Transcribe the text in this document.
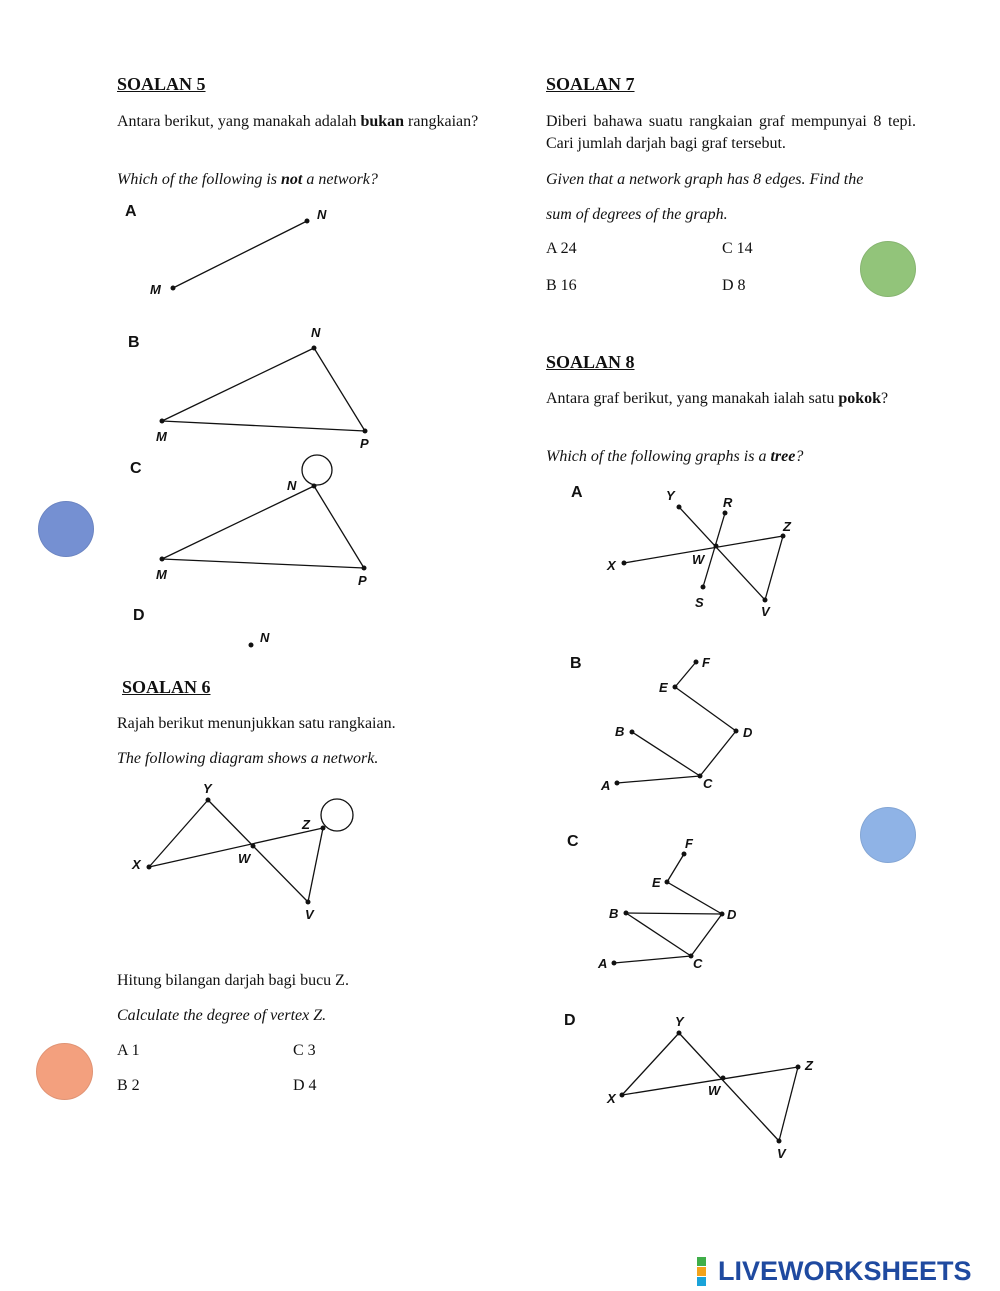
SOALAN 5
Antara berikut, yang manakah adalah bukan rangkaian?
Which of the following is not a network?
A
M
N
B
M
N
P
C
M
N
P
D
N
SOALAN 6
Rajah berikut menunjukkan satu rangkaian.
The following diagram shows a network.
X
Y
W
Z
V
Hitung bilangan darjah bagi bucu Z.
Calculate the degree of vertex Z.
A 1
B 2
C 3
D 4
SOALAN 7
Diberi bahawa suatu rangkaian graf mempunyai 8 tepi. Cari jumlah darjah bagi graf tersebut.
Given that a network graph has 8 edges. Find the
sum of degrees of the graph.
A 24
B 16
C 14
D 8
SOALAN 8
Antara graf berikut, yang manakah ialah satu pokok?
Which of the following graphs is a tree?
A	Y	R
Z
X	W
S
V
B	F
E
D
B
A	C
C	F
E
B	D
A	C
D	Y
Z
X
W
V
LIVEWORKSHEETS
